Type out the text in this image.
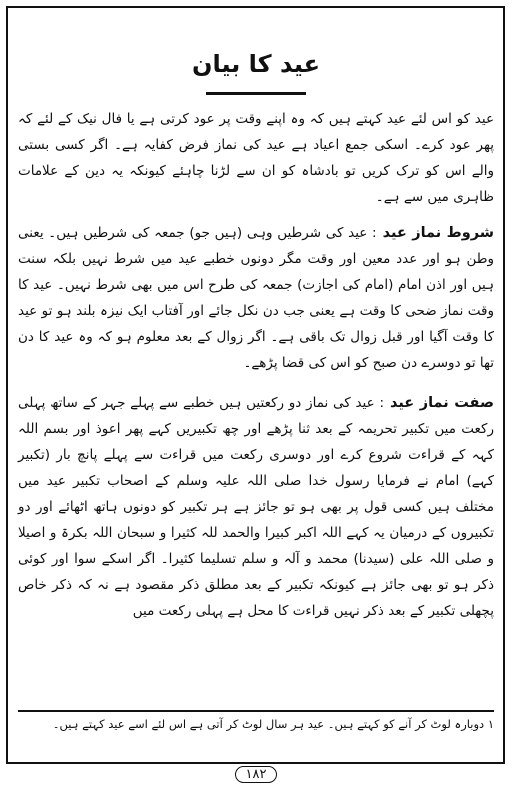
عید کا بیان

عید کو اس لئے عید کہتے ہیں کہ وہ اپنے وقت پر عود کرتی ہے یا فال نیک کے لئے کہ پھر عود کرے۔ اسکی جمع اعیاد ہے عید کی نماز فرض کفایہ ہے۔ اگر کسی بستی والے اس کو ترک کریں تو بادشاہ کو ان سے لڑنا چاہئے کیونکہ یہ دین کے علامات ظاہری میں سے ہے۔

شروط نماز عید: عید کی شرطیں وہی (ہیں جو) جمعہ کی شرطیں ہیں۔ یعنی وطن ہو اور عدد معین اور وقت مگر دونوں خطبے عید میں شرط نہیں بلکہ سنت ہیں اور اذن امام (امام کی اجازت) جمعہ کی طرح اس میں بھی شرط نہیں۔ عید کا وقت نماز ضحی کا وقت ہے یعنی جب دن نکل جائے اور آفتاب ایک نیزہ بلند ہو تو عید کا وقت آگیا اور قبل زوال تک باقی ہے۔ اگر زوال کے بعد معلوم ہو کہ وہ عید کا دن تھا تو دوسرے دن صبح کو اس کی قضا پڑھے۔

صفت نماز عید: عید کی نماز دو رکعتیں ہیں خطبے سے پہلے جہر کے ساتھ پہلی رکعت میں تکبیر تحریمہ کے بعد ثنا پڑھے اور چھ تکبیریں کہے پھر اعوذ اور بسم اللہ کہہ کے قراءت شروع کرے اور دوسری رکعت میں قراءت سے پہلے پانچ بار (تکبیر کہے) امام نے فرمایا رسول خدا صلی اللہ علیہ وسلم کے اصحاب تکبیر عید میں مختلف ہیں کسی قول پر بھی ہو تو جائز ہے ہر تکبیر کو دونوں ہاتھ اٹھائے اور دو تکبیروں کے درمیان یہ کہے اللہ اکبر کبیرا والحمد للہ کثیرا و سبحان اللہ بکرۃ و اصیلا و صلی اللہ علی (سیدنا) محمد و آلہ و سلم تسلیما کثیرا۔ اگر اسکے سوا اور کوئی ذکر ہو تو بھی جائز ہے کیونکہ تکبیر کے بعد مطلق ذکر مقصود ہے نہ کہ ذکر خاص پچھلی تکبیر کے بعد ذکر نہیں قراءت کا محل ہے پہلی رکعت میں

۱ دوبارہ لوٹ کر آنے کو کہتے ہیں۔ عید ہر سال لوٹ کر آتی ہے اس لئے اسے عید کہتے ہیں۔
۱۸۲
